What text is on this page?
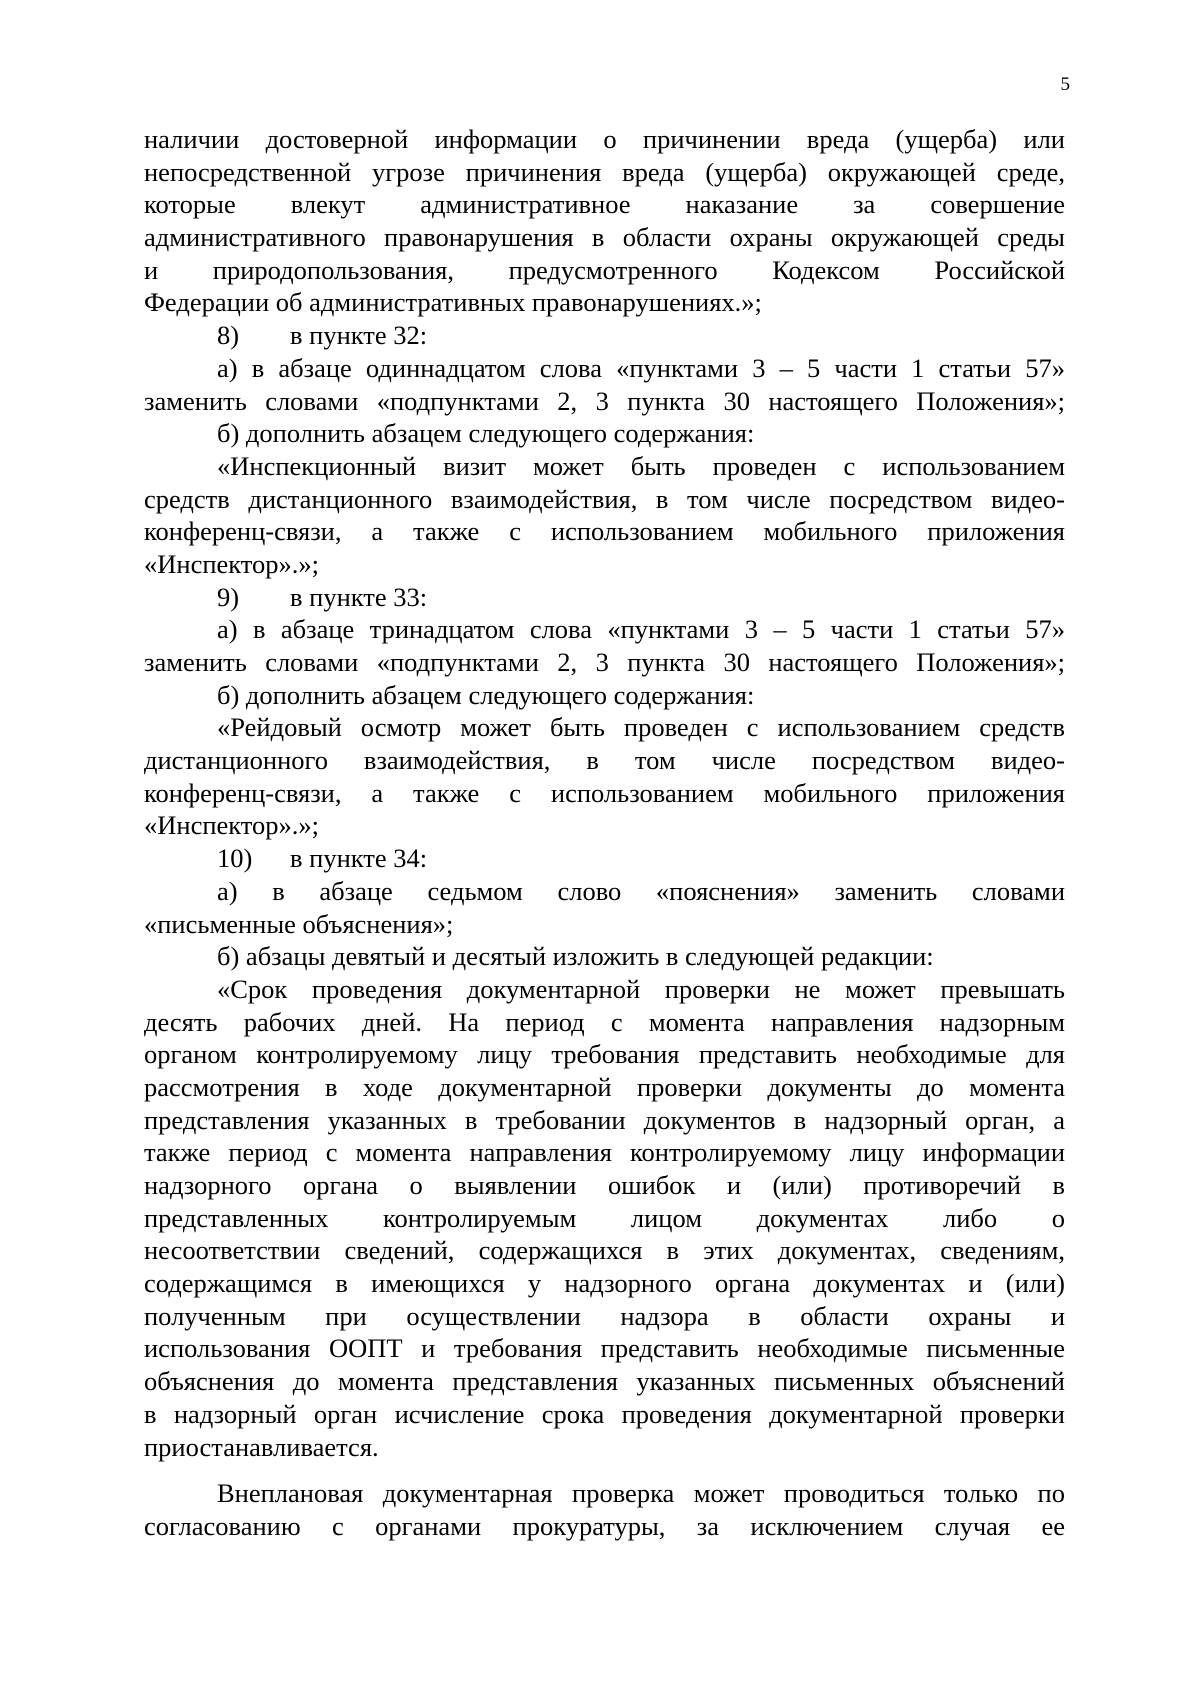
5
наличии достоверной информации о причинении вреда (ущерба) или
непосредственной угрозе причинения вреда (ущерба) окружающей среде,
которые влекут административное наказание за совершение
административного правонарушения в области охраны окружающей среды
и природопользования, предусмотренного Кодексом Российской
Федерации об административных правонарушениях.»;
8) в пункте 32:
а) в абзаце одиннадцатом слова «пунктами 3 – 5 части 1 статьи 57»
заменить словами «подпунктами 2, 3 пункта 30 настоящего Положения»;
б) дополнить абзацем следующего содержания:
«Инспекционный визит может быть проведен с использованием
средств дистанционного взаимодействия, в том числе посредством видео-
конференц-связи, а также с использованием мобильного приложения
«Инспектор».»;
9) в пункте 33:
а) в абзаце тринадцатом слова «пунктами 3 – 5 части 1 статьи 57»
заменить словами «подпунктами 2, 3 пункта 30 настоящего Положения»;
б) дополнить абзацем следующего содержания:
«Рейдовый осмотр может быть проведен с использованием средств
дистанционного взаимодействия, в том числе посредством видео-
конференц-связи, а также с использованием мобильного приложения
«Инспектор».»;
10) в пункте 34:
а) в абзаце седьмом слово «пояснения» заменить словами
«письменные объяснения»;
б) абзацы девятый и десятый изложить в следующей редакции:
«Срок проведения документарной проверки не может превышать
десять рабочих дней. На период с момента направления надзорным
органом контролируемому лицу требования представить необходимые для
рассмотрения в ходе документарной проверки документы до момента
представления указанных в требовании документов в надзорный орган, а
также период с момента направления контролируемому лицу информации
надзорного органа о выявлении ошибок и (или) противоречий в
представленных контролируемым лицом документах либо о
несоответствии сведений, содержащихся в этих документах, сведениям,
содержащимся в имеющихся у надзорного органа документах и (или)
полученным при осуществлении надзора в области охраны и
использования ООПТ и требования представить необходимые письменные
объяснения до момента представления указанных письменных объяснений
в надзорный орган исчисление срока проведения документарной проверки
приостанавливается.
Внеплановая документарная проверка может проводиться только по
согласованию с органами прокуратуры, за исключением случая ее
